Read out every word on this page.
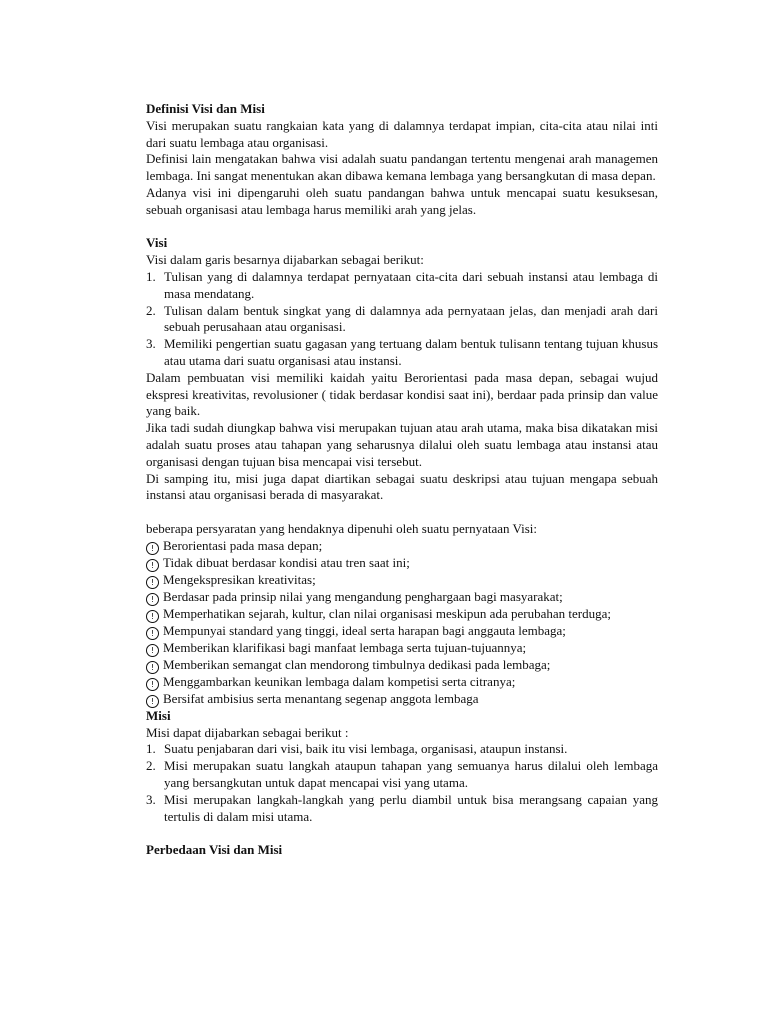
Definisi Visi dan Misi

Visi merupakan suatu rangkaian kata yang di dalamnya terdapat impian, cita-cita atau nilai inti dari suatu lembaga atau organisasi.

Definisi lain mengatakan bahwa visi adalah suatu pandangan tertentu mengenai arah managemen lembaga. Ini sangat menentukan akan dibawa kemana lembaga yang bersangkutan di masa depan.

Adanya visi ini dipengaruhi oleh suatu pandangan bahwa untuk mencapai suatu kesuksesan, sebuah organisasi atau lembaga harus memiliki arah yang jelas.

Visi

Visi dalam garis besarnya dijabarkan sebagai berikut:

1. Tulisan yang di dalamnya terdapat pernyataan cita-cita dari sebuah instansi atau lembaga di masa mendatang.
2. Tulisan dalam bentuk singkat yang di dalamnya ada pernyataan jelas, dan menjadi arah dari sebuah perusahaan atau organisasi.
3. Memiliki pengertian suatu gagasan yang tertuang dalam bentuk tulisann tentang tujuan khusus atau utama dari suatu organisasi atau instansi.

Dalam pembuatan visi memiliki kaidah yaitu Berorientasi pada masa depan, sebagai wujud ekspresi kreativitas, revolusioner ( tidak berdasar kondisi saat ini), berdaar pada prinsip dan value yang baik.

Jika tadi sudah diungkap bahwa visi merupakan tujuan atau arah utama, maka bisa dikatakan misi adalah suatu proses atau tahapan yang seharusnya dilalui oleh suatu lembaga atau instansi atau organisasi dengan tujuan bisa mencapai visi tersebut.

Di samping itu, misi juga dapat diartikan sebagai suatu deskripsi atau tujuan mengapa sebuah instansi atau organisasi berada di masyarakat.

beberapa persyaratan yang hendaknya dipenuhi oleh suatu pernyataan Visi:

! Berorientasi pada masa depan;
! Tidak dibuat berdasar kondisi atau tren saat ini;
! Mengekspresikan kreativitas;
! Berdasar pada prinsip nilai yang mengandung penghargaan bagi masyarakat;
! Memperhatikan sejarah, kultur, clan nilai organisasi meskipun ada perubahan terduga;
! Mempunyai standard yang tinggi, ideal serta harapan bagi anggauta lembaga;
! Memberikan klarifikasi bagi manfaat lembaga serta tujuan-tujuannya;
! Memberikan semangat clan mendorong timbulnya dedikasi pada lembaga;
! Menggambarkan keunikan lembaga dalam kompetisi serta citranya;
! Bersifat ambisius serta menantang segenap anggota lembaga

Misi

Misi dapat dijabarkan sebagai berikut :

1. Suatu penjabaran dari visi, baik itu visi lembaga, organisasi, ataupun instansi.
2. Misi merupakan suatu langkah ataupun tahapan yang semuanya harus dilalui oleh lembaga yang bersangkutan untuk dapat mencapai visi yang utama.
3. Misi merupakan langkah-langkah yang perlu diambil untuk bisa merangsang capaian yang tertulis di dalam misi utama.

Perbedaan Visi dan Misi
